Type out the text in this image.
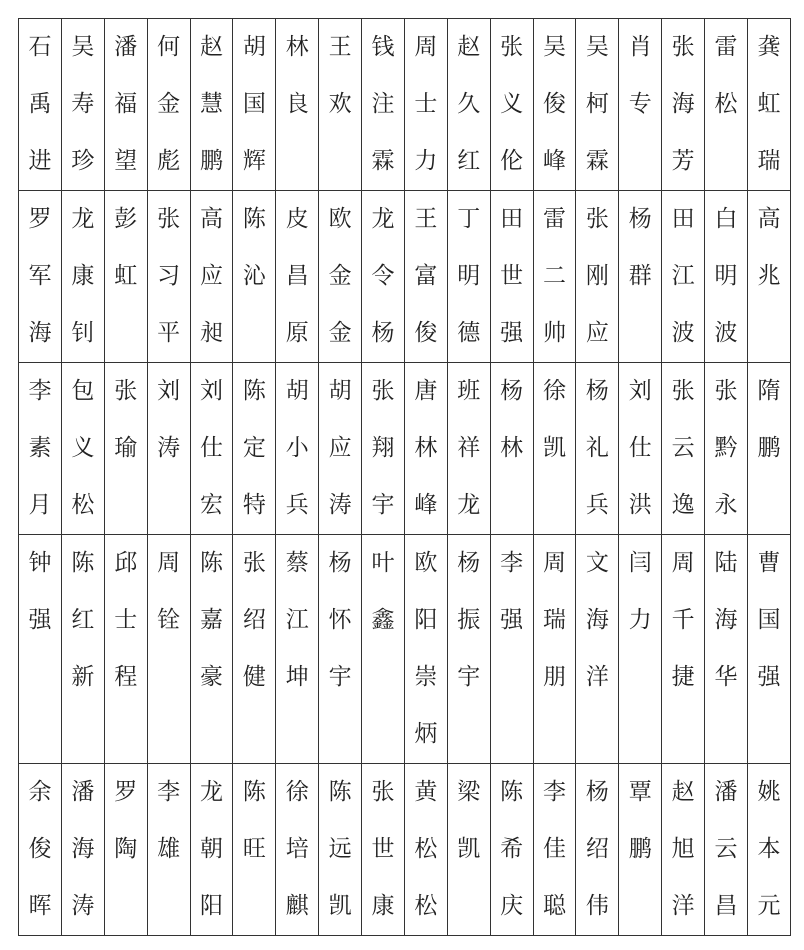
石
禹
进	吴
寿
珍	潘
福
望	何
金
彪	赵
慧
鹏	胡
国
辉	林
良	王
欢	钱
注
霖	周
士
力	赵
久
红	张
义
伦	吴
俊
峰	吴
柯
霖	肖
专	张
海
芳	雷
松	龚
虹
瑞

罗
军
海	龙
康
钊	彭
虹	张
习
平	高
应
昶	陈
沁	皮
昌
原	欧
金
金	龙
令
杨	王
富
俊	丁
明
德	田
世
强	雷
二
帅	张
刚
应	杨
群	田
江
波	白
明
波	高
兆

李
素
月	包
义
松	张
瑜	刘
涛	刘
仕
宏	陈
定
特	胡
小
兵	胡
应
涛	张
翔
宇	唐
林
峰	班
祥
龙	杨
林	徐
凯	杨
礼
兵	刘
仕
洪	张
云
逸	张
黔
永	隋
鹏

钟
强	陈
红
新	邱
士
程	周
铨	陈
嘉
豪	张
绍
健	蔡
江
坤	杨
怀
宇	叶
鑫	欧
阳
崇
炳	杨
振
宇	李
强	周
瑞
朋	文
海
洋	闫
力	周
千
捷	陆
海
华	曹
国
强

余
俊
晖	潘
海
涛	罗
陶	李
雄	龙
朝
阳	陈
旺	徐
培
麒	陈
远
凯	张
世
康	黄
松
松	梁
凯	陈
希
庆	李
佳
聪	杨
绍
伟	覃
鹏	赵
旭
洋	潘
云
昌	姚
本
元
